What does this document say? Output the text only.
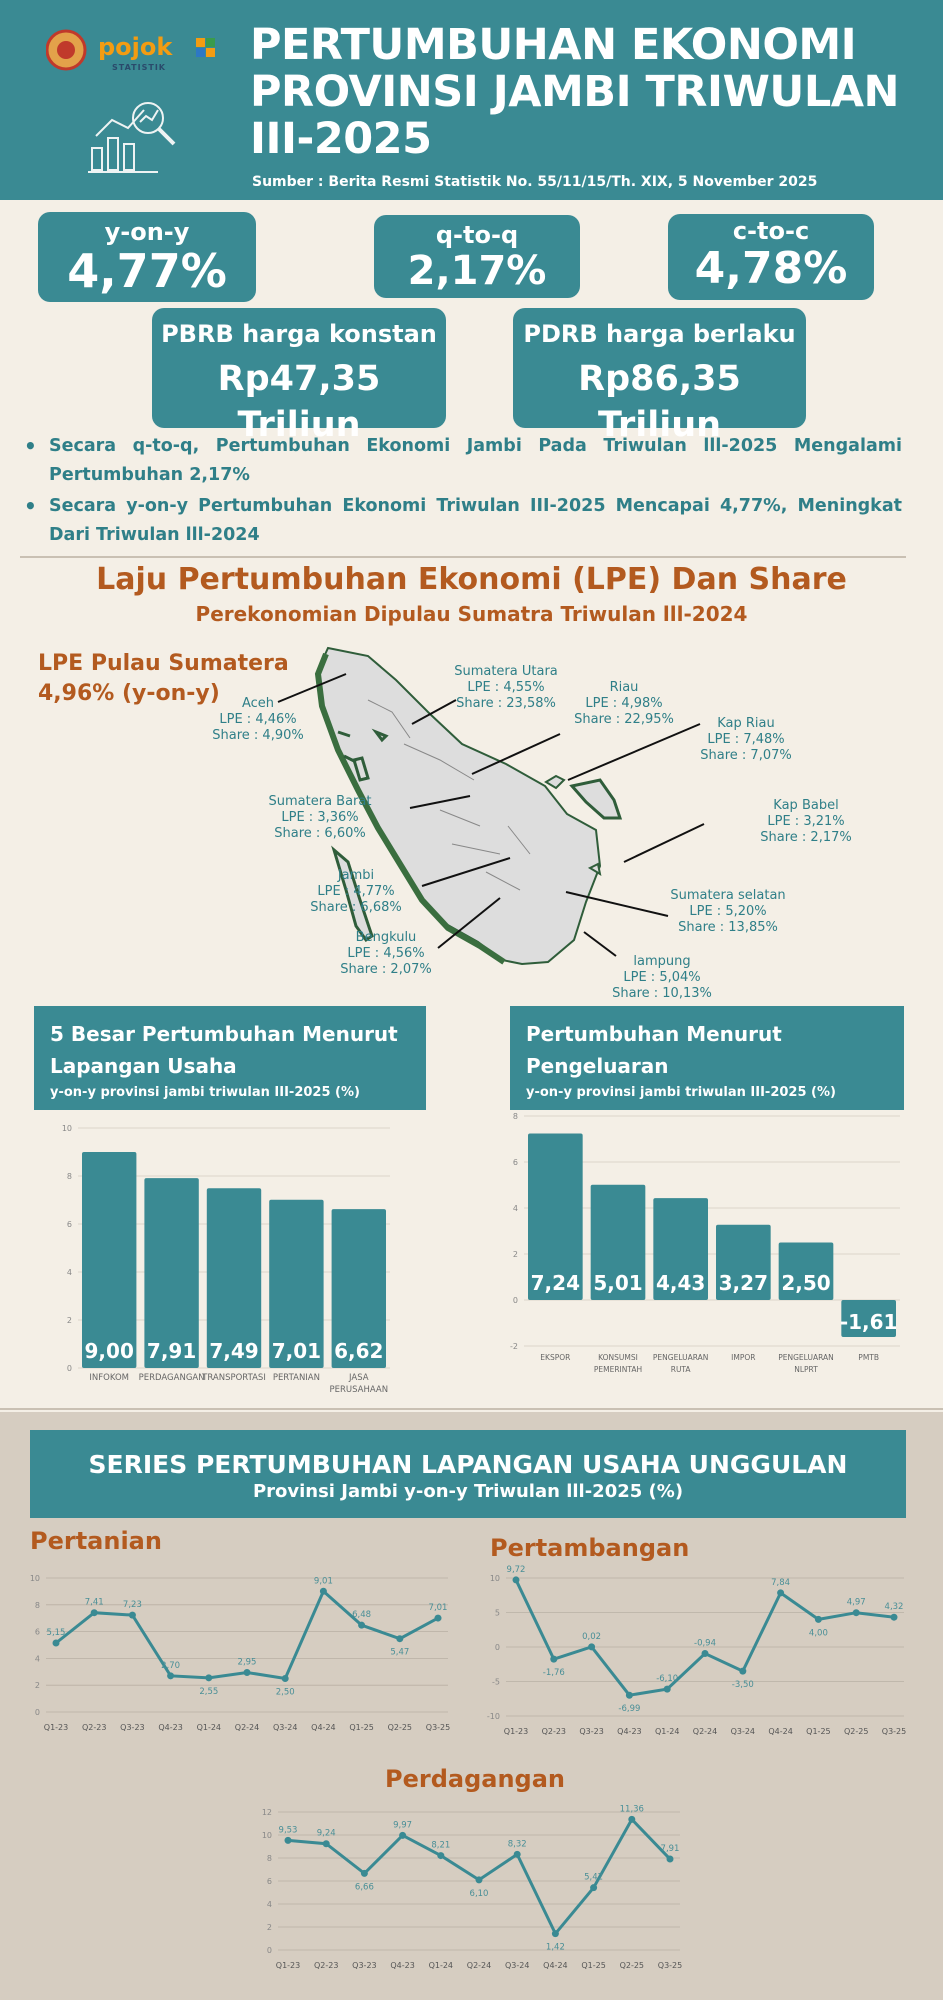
pojok
STATISTIK PERTUMBUHAN EKONOMI
PROVINSI JAMBI TRIWULAN
III-2025
Sumber : Berita Resmi Statistik No. 55/11/15/Th. XIX, 5 November 2025
y-on-y
4,77%
q-to-q
2,17%
c-to-c
4,78%
PBRB harga konstan
Rp47,35 Triliun
PDRB harga berlaku
Rp86,35 Triliun
• Secara q-to-q, Pertumbuhan Ekonomi Jambi Pada Triwulan lll-2025 Mengalami Pertumbuhan 2,17%
• Secara y-on-y Pertumbuhan Ekonomi Triwulan III-2025 Mencapai 4,77%, Meningkat Dari Triwulan lll-2024
Laju Pertumbuhan Ekonomi (LPE) Dan Share
Perekonomian Dipulau Sumatra Triwulan lll-2024
LPE Pulau Sumatera
4,96% (y-on-y)	Aceh
LPE : 4,46%
Share : 4,90%
Sumatera Utara
LPE : 4,55%
Share : 23,58%
Riau
LPE : 4,98%
Share : 22,95%	Kap Riau
LPE : 7,48%
Share : 7,07%
Sumatera Barat
LPE : 3,36%
Share : 6,60%
Kap Babel
LPE : 3,21%
Share : 2,17%
Jambi
LPE : 4,77%
Share : 6,68%
Sumatera selatan
LPE : 5,20%
Share : 13,85%
Bengkulu
LPE : 4,56%
Share : 2,07%
lampung
LPE : 5,04%
Share : 10,13%
5 Besar Pertumbuhan Menurut
Lapangan Usaha
y-on-y provinsi jambi triwulan III-2025 (%)
Pertumbuhan Menurut
Pengeluaran
y-on-y provinsi jambi triwulan III-2025 (%)
0
2
4
6
8
10
9,00
INFOKOM
7,91
PERDAGANGAN
7,49
TRANSPORTASI
7,01
PERTANIAN
6,62
JASA
PERUSAHAAN
-2
0
2
4
6
8
7,24
EKSPOR
5,01
KONSUMSI
PEMERINTAH
4,43
PENGELUARAN
RUTA
3,27
IMPOR
2,50
PENGELUARAN
NLPRT
-1,61
PMTB
SERIES PERTUMBUHAN LAPANGAN USAHA UNGGULAN
Provinsi Jambi y-on-y Triwulan lll-2025 (%)
Pertanian	Pertambangan
Perdagangan
0
2
4
6
8
10
5,15
Q1-23
7,41
Q2-23
7,23
Q3-23
2,70
Q4-23
2,55
Q1-24
2,95
Q2-24
2,50
Q3-24
9,01
Q4-24
6,48
Q1-25
5,47
Q2-25
7,01
Q3-25
-10
-5
0
5
10
9,72
Q1-23
-1,76
Q2-23
0,02
Q3-23
-6,99
Q4-23
-6,10
Q1-24
-0,94
Q2-24
-3,50
Q3-24
7,84
Q4-24
4,00
Q1-25
4,97
Q2-25
4,32
Q3-25
0
2
4
6
8
10
12
9,53
Q1-23
9,24
Q2-23
6,66
Q3-23
9,97
Q4-23
8,21
Q1-24
6,10
Q2-24
8,32
Q3-24
1,42
Q4-24
5,42
Q1-25
11,36
Q2-25
7,91
Q3-25
